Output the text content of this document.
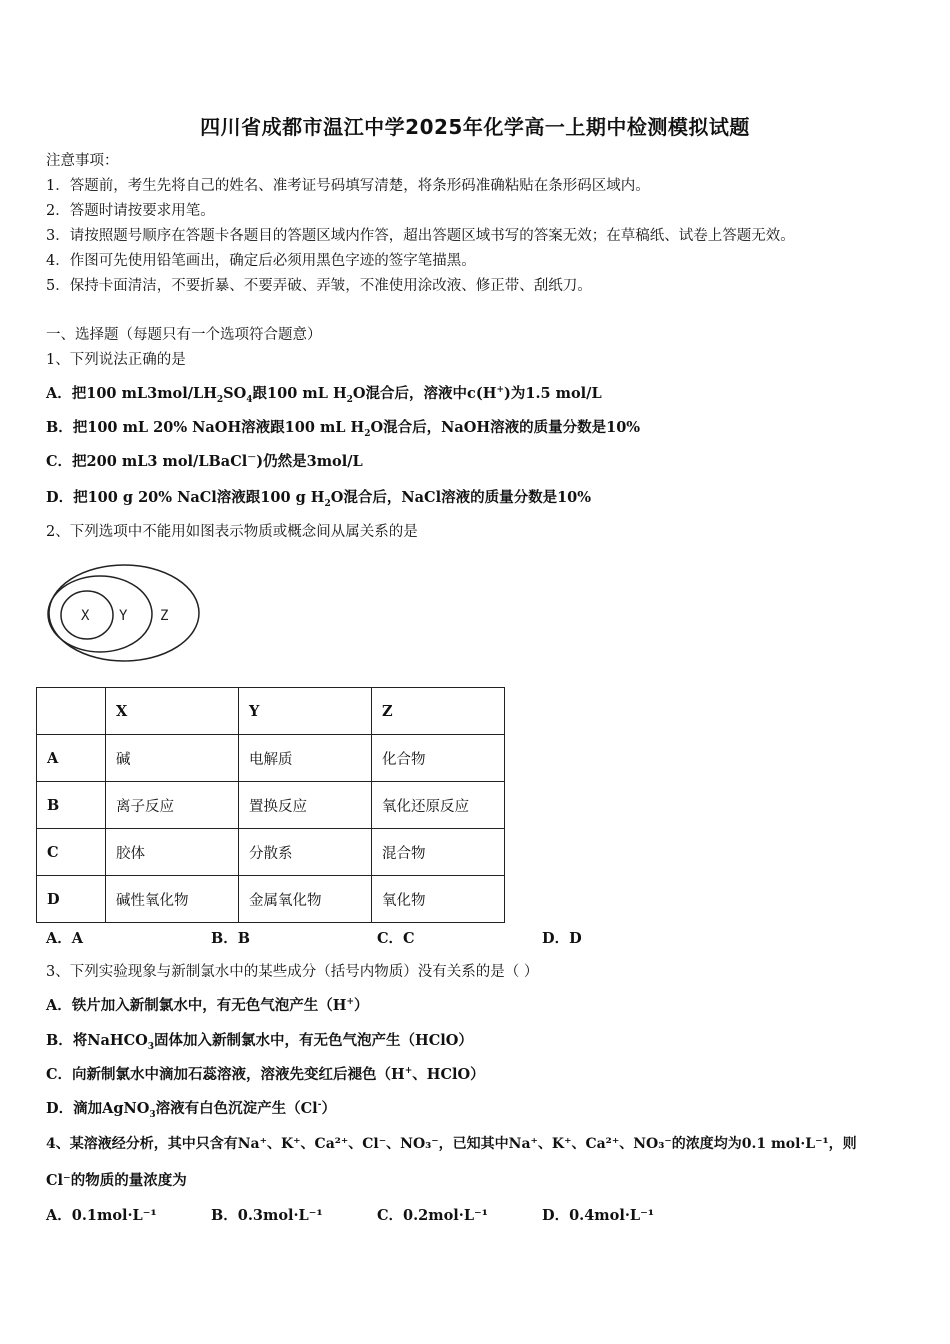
四川省成都市温江中学2025年化学高一上期中检测模拟试题
注意事项：
1．答题前，考生先将自己的姓名、准考证号码填写清楚，将条形码准确粘贴在条形码区域内。
2．答题时请按要求用笔。
3．请按照题号顺序在答题卡各题目的答题区域内作答，超出答题区域书写的答案无效；在草稿纸、试卷上答题无效。
4．作图可先使用铅笔画出，确定后必须用黑色字迹的签字笔描黑。
5．保持卡面清洁，不要折暴、不要弄破、弄皱，不准使用涂改液、修正带、刮纸刀。
一、选择题（每题只有一个选项符合题意）
1、下列说法正确的是
A．把100 $mL3mol/LH_2SO_4$跟100 mL $H_2O$混合后，溶液中c(H+)为1.5 mol/L
B．把100 mL 20% NaOH溶液跟100 mL $H_2O$混合后，NaOH溶液的质量分数是10%
C．把200 mL3 mol/LBaCl－)仍然是3mol/L
D．把100 g 20% NaCl溶液跟100 g $H_2O$混合后，NaCl溶液的质量分数是10%
2、下列选项中不能用如图表示物质或概念间从属关系的是
X Y Z
	X	Y	Z
A	碱	电解质	化合物
B	离子反应	置换反应	氧化还原反应
C	胶体	分散系	混合物
D	碱性氧化物	金属氧化物	氧化物
A．A	B．B	C．C	D．D
3、下列实验现象与新制氯水中的某些成分（括号内物质）没有关系的是（ ）
A．铁片加入新制氯水中，有无色气泡产生（H+）
B．将NaHCO$_3$固体加入新制氯水中，有无色气泡产生（HClO）
C．向新制氯水中滴加石蕊溶液，溶液先变红后褪色（H+、HClO）
D．滴加AgNO$_3$溶液有白色沉淀产生（Cl-）
4、某溶液经分析，其中只含有Na⁺、K⁺、Ca²⁺、Cl⁻、NO₃⁻，已知其中Na⁺、K⁺、Ca²⁺、NO₃⁻的浓度均为0.1 mol·L⁻¹，则
Cl⁻的物质的量浓度为
A．0.1mol·L⁻¹	B．0.3mol·L⁻¹	C．0.2mol·L⁻¹	D．0.4mol·L⁻¹
